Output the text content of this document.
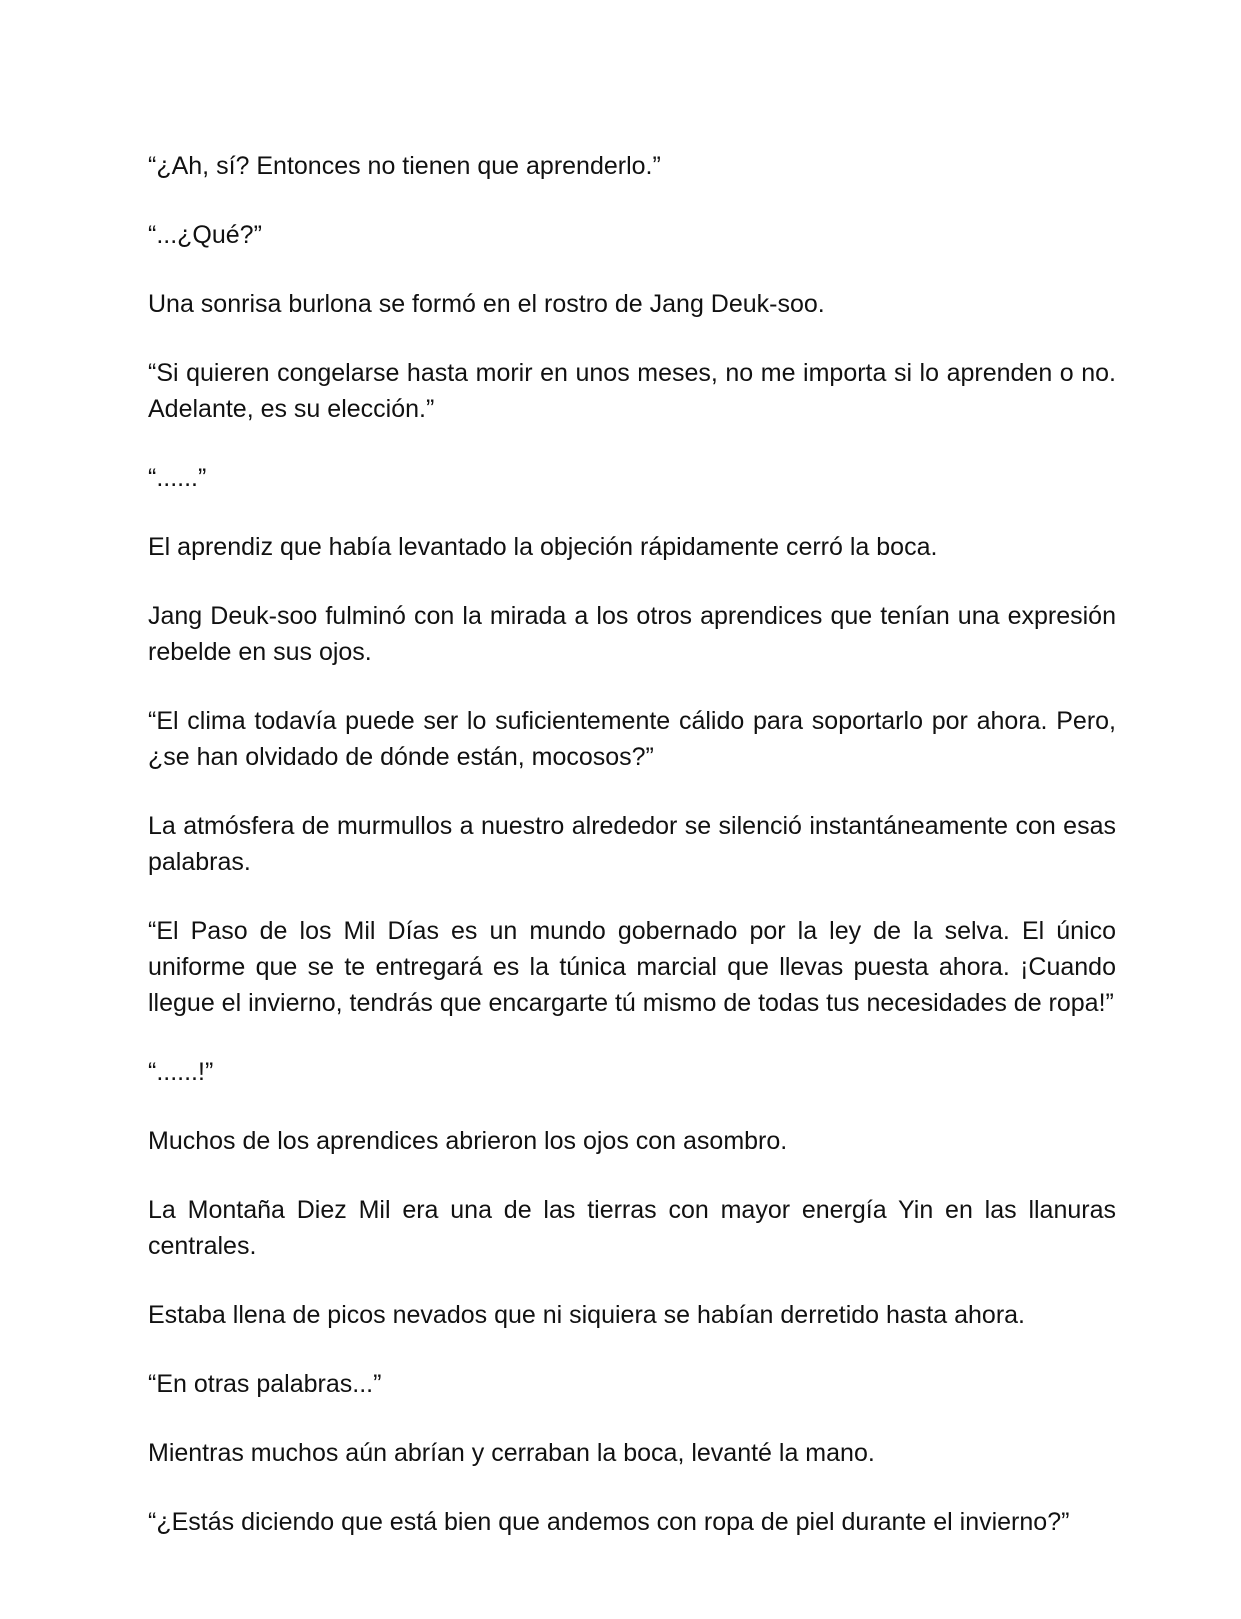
“¿Ah, sí? Entonces no tienen que aprenderlo.”

“...¿Qué?”

Una sonrisa burlona se formó en el rostro de Jang Deuk-soo.

“Si quieren congelarse hasta morir en unos meses, no me importa si lo aprenden o no. Adelante, es su elección.”

“......”

El aprendiz que había levantado la objeción rápidamente cerró la boca.

Jang Deuk-soo fulminó con la mirada a los otros aprendices que tenían una expresión rebelde en sus ojos.

“El clima todavía puede ser lo suficientemente cálido para soportarlo por ahora. Pero, ¿se han olvidado de dónde están, mocosos?”

La atmósfera de murmullos a nuestro alrededor se silenció instantáneamente con esas palabras.

“El Paso de los Mil Días es un mundo gobernado por la ley de la selva. El único uniforme que se te entregará es la túnica marcial que llevas puesta ahora. ¡Cuando llegue el invierno, tendrás que encargarte tú mismo de todas tus necesidades de ropa!”

“......!”

Muchos de los aprendices abrieron los ojos con asombro.

La Montaña Diez Mil era una de las tierras con mayor energía Yin en las llanuras centrales.

Estaba llena de picos nevados que ni siquiera se habían derretido hasta ahora.

“En otras palabras...”

Mientras muchos aún abrían y cerraban la boca, levanté la mano.

“¿Estás diciendo que está bien que andemos con ropa de piel durante el invierno?”
